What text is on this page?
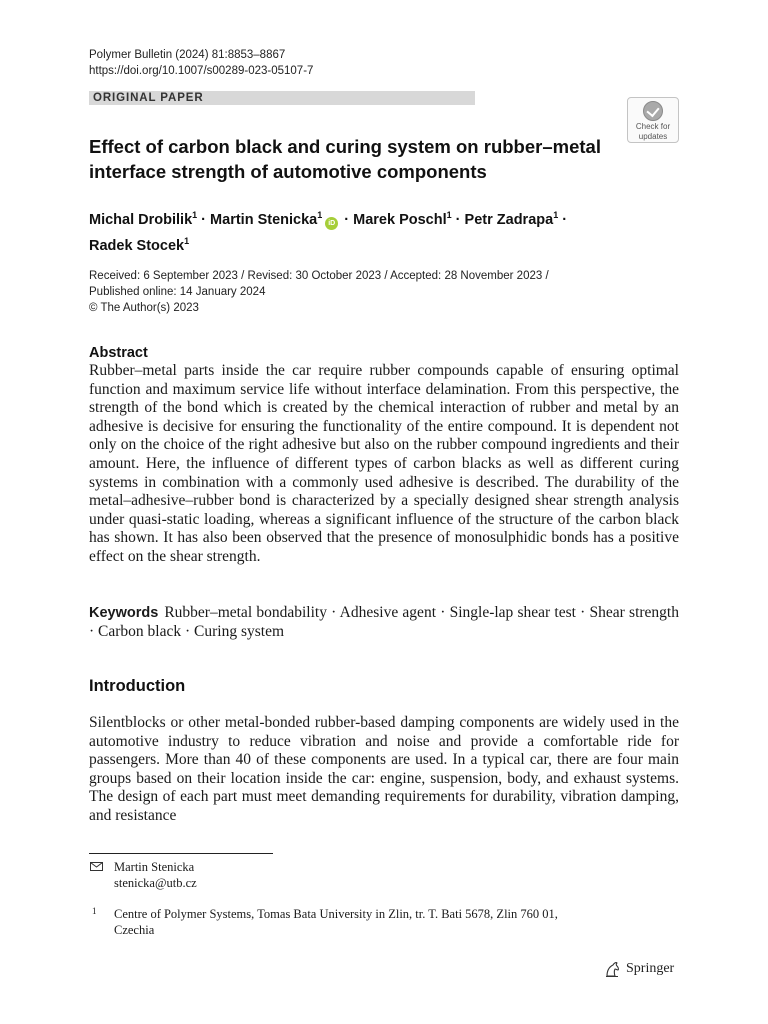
Polymer Bulletin (2024) 81:8853–8867
https://doi.org/10.1007/s00289-023-05107-7
ORIGINAL PAPER
Check for
updates
Effect of carbon black and curing system on rubber–metal interface strength of automotive components
Michal Drobilik$^1$ · Martin Stenicka$^1$iD · Marek Poschl$^1$ · Petr Zadrapa$^1$ ·
Radek Stocek$^1$
Received: 6 September 2023 / Revised: 30 October 2023 / Accepted: 28 November 2023 /
Published online: 14 January 2024
© The Author(s) 2023
Abstract
Rubber–metal parts inside the car require rubber compounds capable of ensuring optimal function and maximum service life without interface delamination. From this perspective, the strength of the bond which is created by the chemical interaction of rubber and metal by an adhesive is decisive for ensuring the functionality of the entire compound. It is dependent not only on the choice of the right adhesive but also on the rubber compound ingredients and their amount. Here, the influence of different types of carbon blacks as well as different curing systems in combination with a commonly used adhesive is described. The durability of the metal–adhesive–rubber bond is characterized by a specially designed shear strength analysis under quasi-static loading, whereas a significant influence of the structure of the carbon black has shown. It has also been observed that the presence of monosulphidic bonds has a positive effect on the shear strength.
Keywords Rubber–metal bondability · Adhesive agent · Single-lap shear test · Shear strength · Carbon black · Curing system
Introduction
Silentblocks or other metal-bonded rubber-based damping components are widely used in the automotive industry to reduce vibration and noise and provide a comfortable ride for passengers. More than 40 of these components are used. In a typical car, there are four main groups based on their location inside the car: engine, suspension, body, and exhaust systems. The design of each part must meet demanding requirements for durability, vibration damping, and resistance
Martin Stenicka
stenicka@utb.cz
1 Centre of Polymer Systems, Tomas Bata University in Zlin, tr. T. Bati 5678, Zlin 760 01,
Czechia
Springer
